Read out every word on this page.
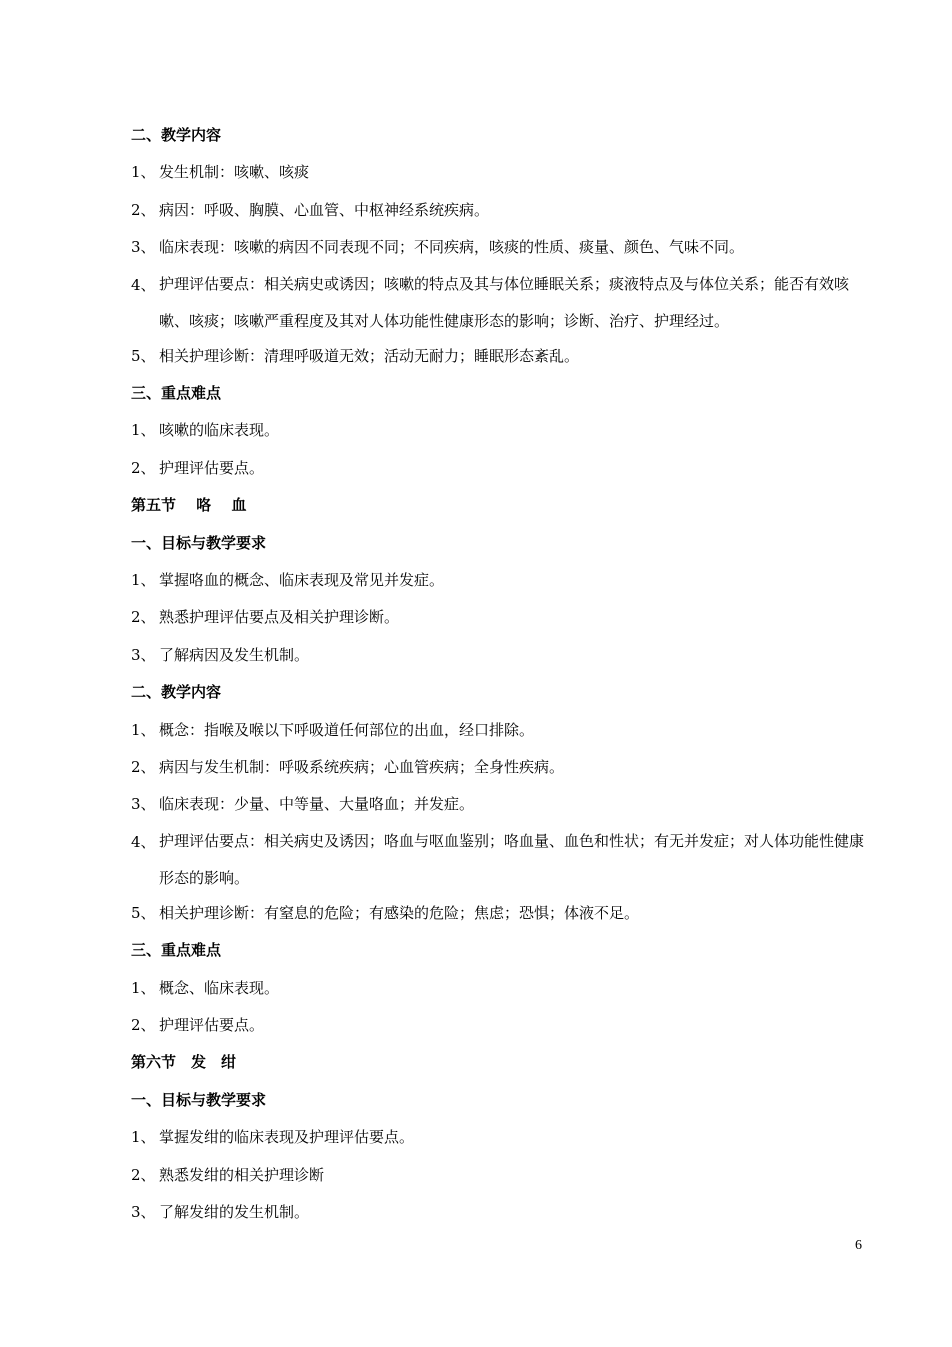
二、教学内容
1、 发生机制：咳嗽、咳痰
2、 病因：呼吸、胸膜、心血管、中枢神经系统疾病。
3、 临床表现：咳嗽的病因不同表现不同；不同疾病，咳痰的性质、痰量、颜色、气味不同。
4、 护理评估要点：相关病史或诱因；咳嗽的特点及其与体位睡眠关系；痰液特点及与体位关系；能否有效咳嗽、咳痰；咳嗽严重程度及其对人体功能性健康形态的影响；诊断、治疗、护理经过。
5、 相关护理诊断：清理呼吸道无效；活动无耐力；睡眠形态紊乱。
三、重点难点
1、 咳嗽的临床表现。
2、 护理评估要点。
第五节　 咯　 血
一、目标与教学要求
1、 掌握咯血的概念、临床表现及常见并发症。
2、 熟悉护理评估要点及相关护理诊断。
3、 了解病因及发生机制。
二、教学内容
1、 概念：指喉及喉以下呼吸道任何部位的出血，经口排除。
2、 病因与发生机制：呼吸系统疾病；心血管疾病；全身性疾病。
3、 临床表现：少量、中等量、大量咯血；并发症。
4、 护理评估要点：相关病史及诱因；咯血与呕血鉴别；咯血量、血色和性状；有无并发症；对人体功能性健康形态的影响。
5、 相关护理诊断：有窒息的危险；有感染的危险；焦虑；恐惧；体液不足。
三、重点难点
1、 概念、临床表现。
2、 护理评估要点。
第六节　发　绀
一、目标与教学要求
1、 掌握发绀的临床表现及护理评估要点。
2、 熟悉发绀的相关护理诊断
3、 了解发绀的发生机制。
6
